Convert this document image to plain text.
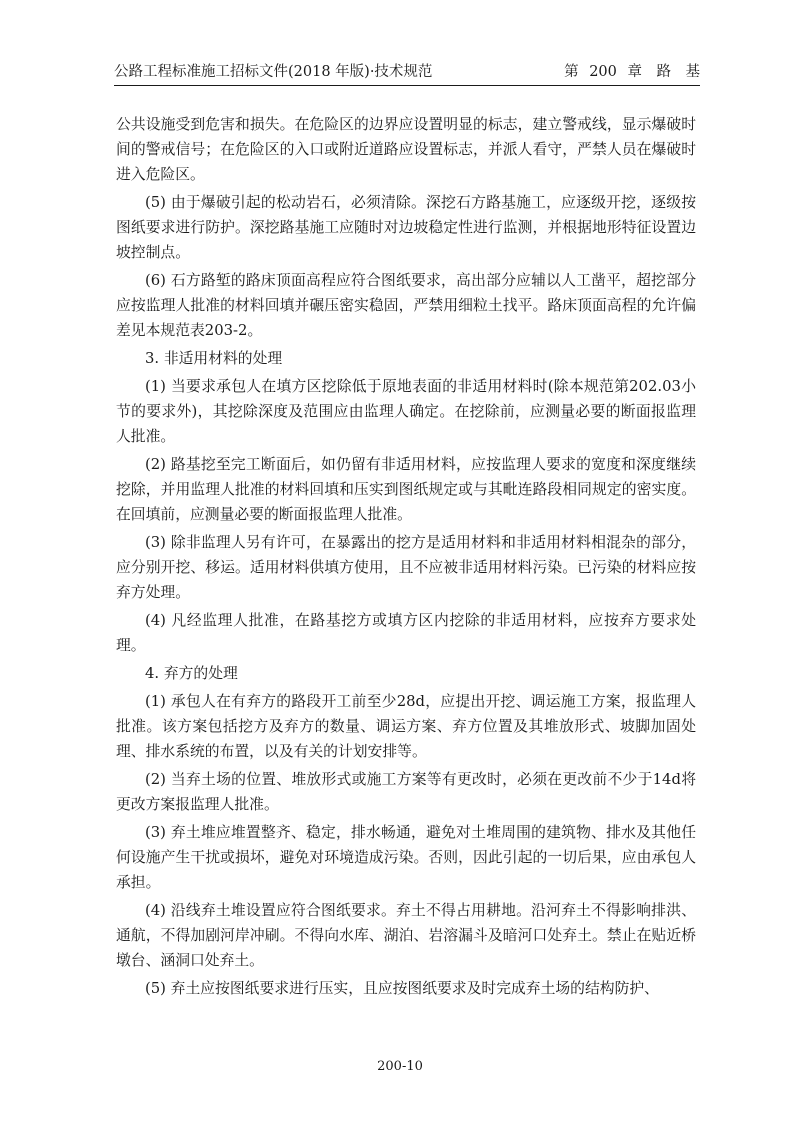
公路工程标准施工招标文件(2018 年版)·技术规范	第 200 章　路　基

公共设施受到危害和损失。在危险区的边界应设置明显的标志，建立警戒线，显示爆破时间的警戒信号；在危险区的入口或附近道路应设置标志，并派人看守，严禁人员在爆破时进入危险区。

(5) 由于爆破引起的松动岩石，必须清除。深挖石方路基施工，应逐级开挖，逐级按图纸要求进行防护。深挖路基施工应随时对边坡稳定性进行监测，并根据地形特征设置边坡控制点。

(6) 石方路堑的路床顶面高程应符合图纸要求，高出部分应辅以人工凿平，超挖部分应按监理人批准的材料回填并碾压密实稳固，严禁用细粒土找平。路床顶面高程的允许偏差见本规范表203-2。

3. 非适用材料的处理

(1) 当要求承包人在填方区挖除低于原地表面的非适用材料时(除本规范第202.03小节的要求外)，其挖除深度及范围应由监理人确定。在挖除前，应测量必要的断面报监理人批准。

(2) 路基挖至完工断面后，如仍留有非适用材料，应按监理人要求的宽度和深度继续挖除，并用监理人批准的材料回填和压实到图纸规定或与其毗连路段相同规定的密实度。在回填前，应测量必要的断面报监理人批准。

(3) 除非监理人另有许可，在暴露出的挖方是适用材料和非适用材料相混杂的部分，应分别开挖、移运。适用材料供填方使用，且不应被非适用材料污染。已污染的材料应按弃方处理。

(4) 凡经监理人批准，在路基挖方或填方区内挖除的非适用材料，应按弃方要求处理。

4. 弃方的处理

(1) 承包人在有弃方的路段开工前至少28d，应提出开挖、调运施工方案，报监理人批准。该方案包括挖方及弃方的数量、调运方案、弃方位置及其堆放形式、坡脚加固处理、排水系统的布置，以及有关的计划安排等。

(2) 当弃土场的位置、堆放形式或施工方案等有更改时，必须在更改前不少于14d将更改方案报监理人批准。

(3) 弃土堆应堆置整齐、稳定，排水畅通，避免对土堆周围的建筑物、排水及其他任何设施产生干扰或损坏，避免对环境造成污染。否则，因此引起的一切后果，应由承包人承担。

(4) 沿线弃土堆设置应符合图纸要求。弃土不得占用耕地。沿河弃土不得影响排洪、通航，不得加剧河岸冲刷。不得向水库、湖泊、岩溶漏斗及暗河口处弃土。禁止在贴近桥墩台、涵洞口处弃土。

(5) 弃土应按图纸要求进行压实，且应按图纸要求及时完成弃土场的结构防护、

200-10
